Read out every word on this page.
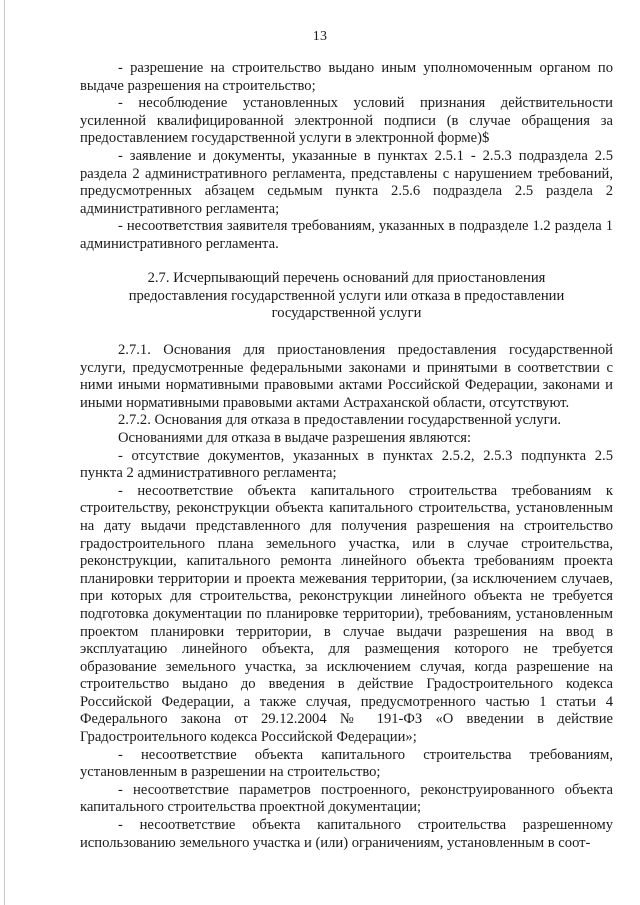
13

- разрешение на строительство выдано иным уполномоченным органом по выдаче разрешения на строительство;

- несоблюдение установленных условий признания действительности усиленной квалифицированной электронной подписи (в случае обращения за предоставлением государственной услуги в электронной форме)$

- заявление и документы, указанные в пунктах 2.5.1 - 2.5.3 подраздела 2.5 раздела 2 административного регламента, представлены с нарушением требований, предусмотренных абзацем седьмым пункта 2.5.6 подраздела 2.5 раздела 2 административного регламента;

- несоответствия заявителя требованиям, указанных в подразделе 1.2 раздела 1 административного регламента.

2.7. Исчерпывающий перечень оснований для приостановления предоставления государственной услуги или отказа в предоставлении государственной услуги

2.7.1. Основания для приостановления предоставления государственной услуги, предусмотренные федеральными законами и принятыми в соответствии с ними иными нормативными правовыми актами Российской Федерации, законами и иными нормативными правовыми актами Астраханской области, отсутствуют.

2.7.2. Основания для отказа в предоставлении государственной услуги.

Основаниями для отказа в выдаче разрешения являются:

- отсутствие документов, указанных в пунктах 2.5.2, 2.5.3 подпункта 2.5 пункта 2 административного регламента;

- несоответствие объекта капитального строительства требованиям к строительству, реконструкции объекта капитального строительства, установленным на дату выдачи представленного для получения разрешения на строительство градостроительного плана земельного участка, или в случае строительства, реконструкции, капитального ремонта линейного объекта требованиям проекта планировки территории и проекта межевания территории, (за исключением случаев, при которых для строительства, реконструкции линейного объекта не требуется подготовка документации по планировке территории), требованиям, установленным проектом планировки территории, в случае выдачи разрешения на ввод в эксплуатацию линейного объекта, для размещения которого не требуется образование земельного участка, за исключением случая, когда разрешение на строительство выдано до введения в действие Градостроительного кодекса Российской Федерации, а также случая, предусмотренного частью 1 статьи 4 Федерального закона от 29.12.2004 № 191-ФЗ «О введении в действие Градостроительного кодекса Российской Федерации»;

- несоответствие объекта капитального строительства требованиям, установленным в разрешении на строительство;

- несоответствие параметров построенного, реконструированного объекта капитального строительства проектной документации;

- несоответствие объекта капитального строительства разрешенному использованию земельного участка и (или) ограничениям, установленным в соот-
